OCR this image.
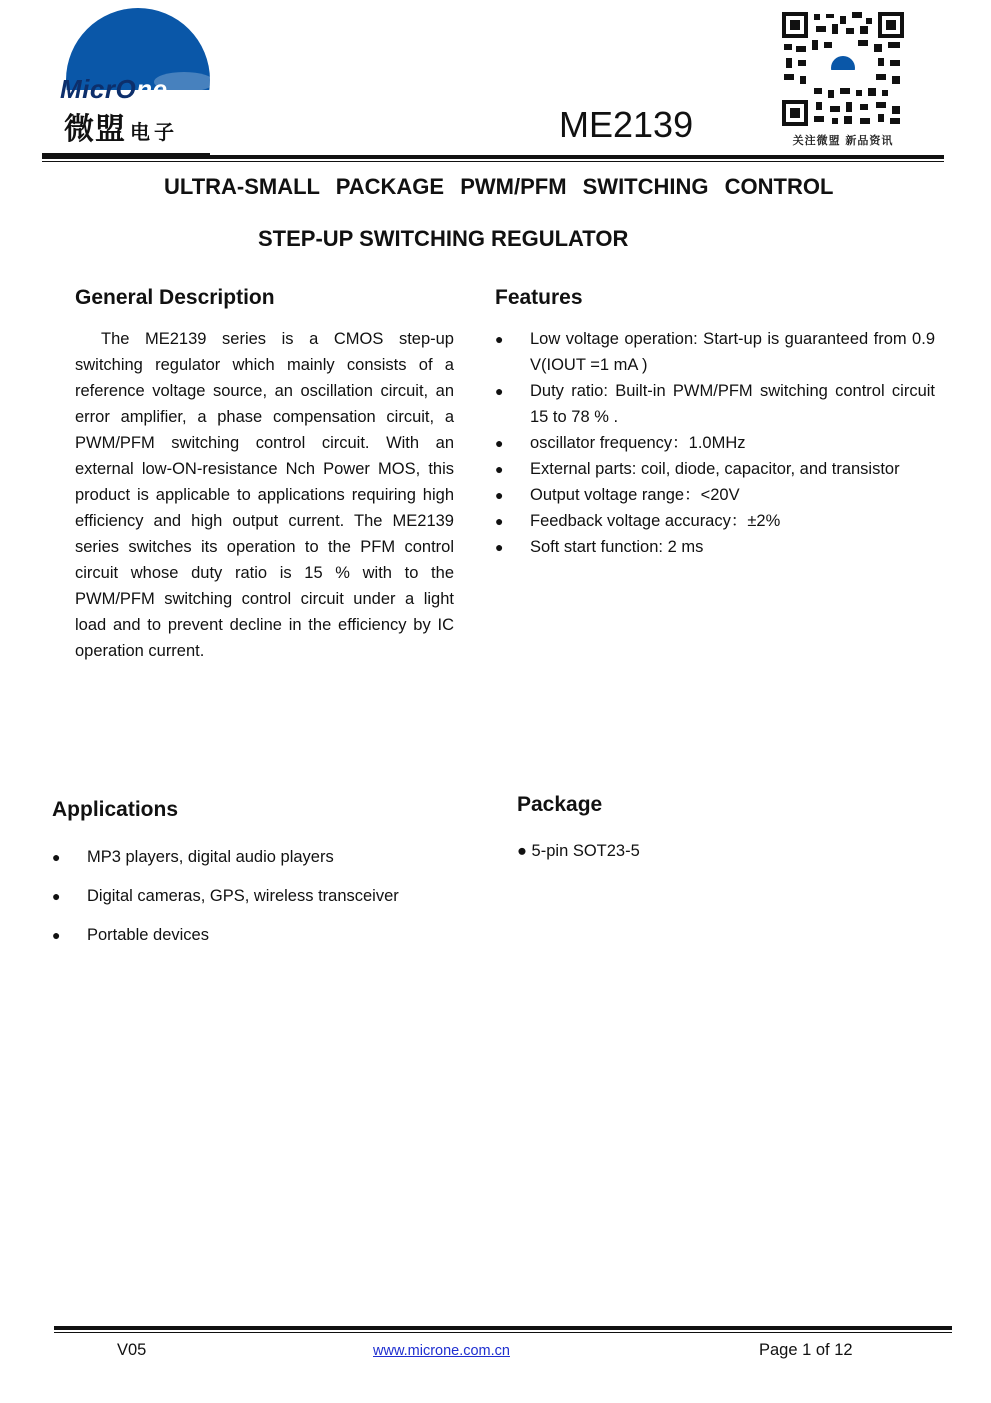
MicrOne
微盟 电子	ME2139	关注微盟 新品资讯
ULTRA-SMALL PACKAGE PWM/PFM SWITCHING CONTROL
STEP-UP SWITCHING REGULATOR
General Description

The ME2139 series is a CMOS step-up switching regulator which mainly consists of a reference voltage source, an oscillation circuit, an error amplifier, a phase compensation circuit, a PWM/PFM switching control circuit. With an external low-ON-resistance Nch Power MOS, this product is applicable to applications requiring high efficiency and high output current. The ME2139 series switches its operation to the PFM control circuit whose duty ratio is 15 % with to the PWM/PFM switching control circuit under a light load and to prevent decline in the efficiency by IC operation current.

Features
● Low voltage operation: Start-up is guaranteed from 0.9 V(IOUT =1 mA )
● Duty ratio: Built-in PWM/PFM switching control circuit 15 to 78 % .
● oscillator frequency：1.0MHz
● External parts: coil, diode, capacitor, and transistor
● Output voltage range：<20V
● Feedback voltage accuracy：±2%
● Soft start function: 2 ms
Applications
● MP3 players, digital audio players
● Digital cameras, GPS, wireless transceiver
● Portable devices
Package
● 5-pin SOT23-5
V05	www.microne.com.cn	Page 1 of 12
